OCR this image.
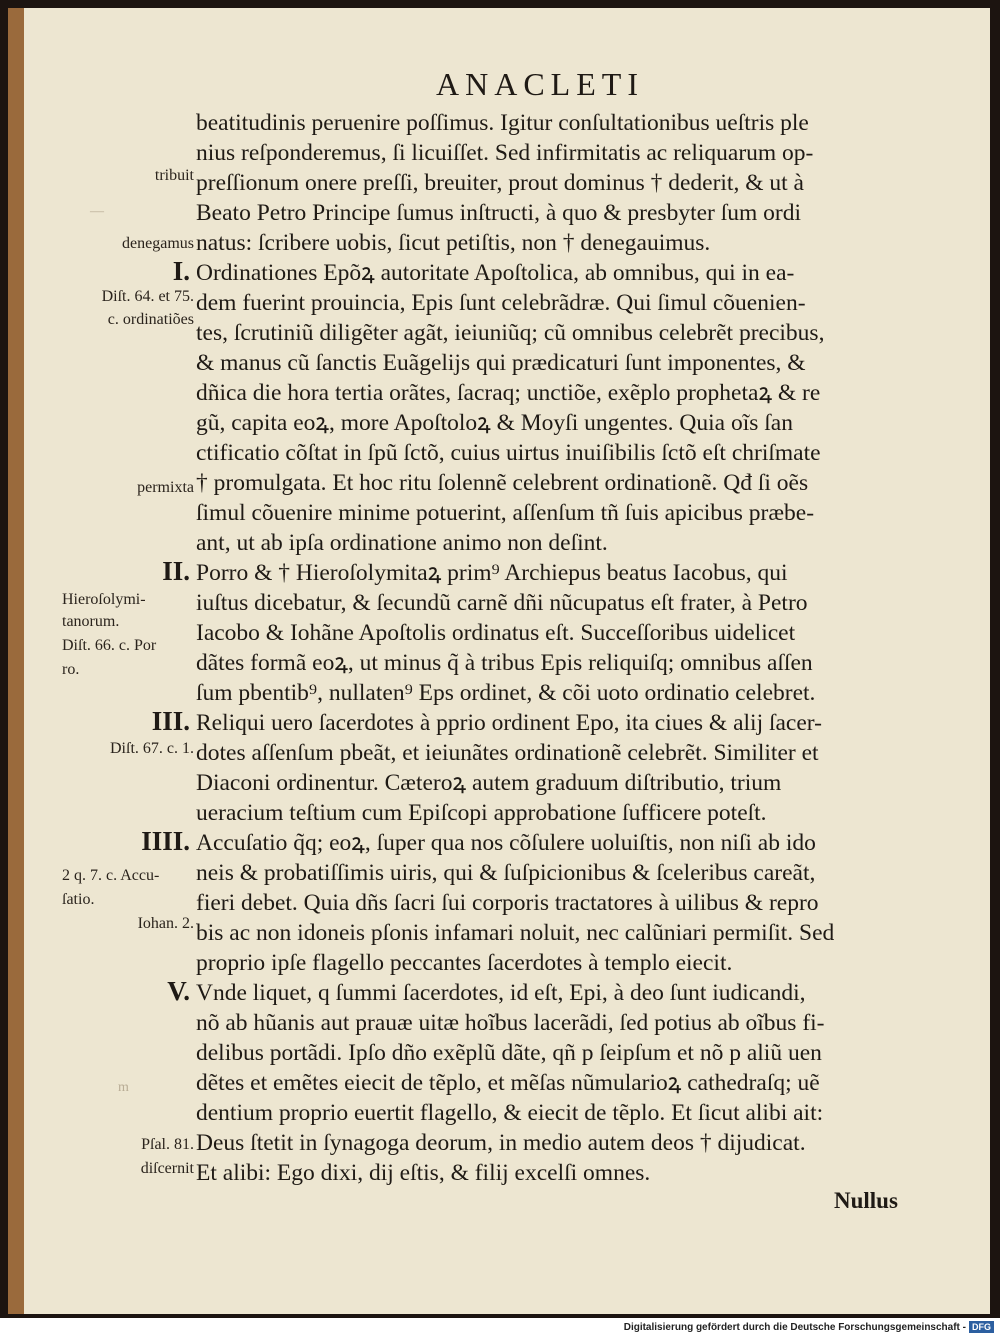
ANACLETI
—
m
beatitudinis peruenire poſſimus. Igitur conſultationibus ueſtris ple
nius reſponderemus, ſi licuiſſet. Sed infirmitatis ac reliquarum op-
preſſionum onere preſſi, breuiter, prout dominus † dederit, & ut à
Beato Petro Principe ſumus inſtructi, à quo & presbyter ſum ordi
natus: ſcribere uobis, ſicut petiſtis, non † denegauimus.
Ordinationes Epõꝝ autoritate Apoſtolica, ab omnibus, qui in ea-
dem fuerint prouincia, Epis ſunt celebrãdræ. Qui ſimul cõuenien-
tes, ſcrutiniũ diligẽter agãt, ieiuniũq; cũ omnibus celebrẽt precibus,
& manus cũ ſanctis Euãgelijs qui prædicaturi ſunt imponentes, &
dñica die hora tertia orãtes, ſacraq; unctiõe, exẽplo prophetaꝝ & re
gũ, capita eoꝝ, more Apoſtoloꝝ & Moyſi ungentes. Quia oĩs ſan
ctificatio cõſtat in ſpũ ſctõ, cuius uirtus inuiſibilis ſctõ eſt chriſmate
† promulgata. Et hoc ritu ſolennẽ celebrent ordinationẽ. Qđ ſi oẽs
ſimul cõuenire minime potuerint, aſſenſum tñ ſuis apicibus præbe-
ant, ut ab ipſa ordinatione animo non deſint.
Porro & † Hieroſolymitaꝝ prim⁹ Archiepus beatus Iacobus, qui
iuſtus dicebatur, & ſecundũ carnẽ dñi nũcupatus eſt frater, à Petro
Iacobo & Iohãne Apoſtolis ordinatus eſt. Succeſſoribus uidelicet
dãtes formã eoꝝ, ut minus q̃ à tribus Epis reliquiſq; omnibus aſſen
ſum pbentib⁹, nullaten⁹ Eps ordinet, & cõi uoto ordinatio celebret.
Reliqui uero ſacerdotes à pprio ordinent Epo, ita ciues & alij ſacer-
dotes aſſenſum pbeãt, et ieiunãtes ordinationẽ celebrẽt. Similiter et
Diaconi ordinentur. Cæteroꝝ autem graduum diſtributio, trium
ueracium teſtium cum Epiſcopi approbatione ſufficere poteſt.
Accuſatio q̃q; eoꝝ, ſuper qua nos cõſulere uoluiſtis, non niſi ab ido
neis & probatiſſimis uiris, qui & ſuſpicionibus & ſceleribus careãt,
fieri debet. Quia dñs ſacri ſui corporis tractatores à uilibus & repro
bis ac non idoneis pſonis infamari noluit, nec calũniari permiſit. Sed
proprio ipſe flagello peccantes ſacerdotes à templo eiecit.
Vnde liquet, q ſummi ſacerdotes, id eſt, Epi, à deo ſunt iudicandi,
nõ ab hũanis aut prauæ uitæ hoĩbus lacerãdi, ſed potius ab oĩbus fi-
delibus portãdi. Ipſo dño exẽplũ dãte, qñ p ſeipſum et nõ p aliũ uen
dẽtes et emẽtes eiecit de tẽplo, et mẽſas nũmularioꝝ cathedraſq; uẽ
dentium proprio euertit flagello, & eiecit de tẽplo. Et ſicut alibi ait:
Deus ſtetit in ſynagoga deorum, in medio autem deos † dijudicat.
Et alibi: Ego dixi, dij eſtis, & filij excelſi omnes.
I.
II.
III.
IIII.
V.
tribuit
denegamus
Diſt. 64. et 75.
c. ordinatiões
permixta
Hieroſolymi-
tanorum.
Diſt. 66. c. Por
ro.
Diſt. 67. c. 1.
2 q. 7. c. Accu-
ſatio.
Iohan. 2.
Pſal. 81.
diſcernit
Nullus
Digitalisierung gefördert durch die Deutsche Forschungsgemeinschaft - DFG
